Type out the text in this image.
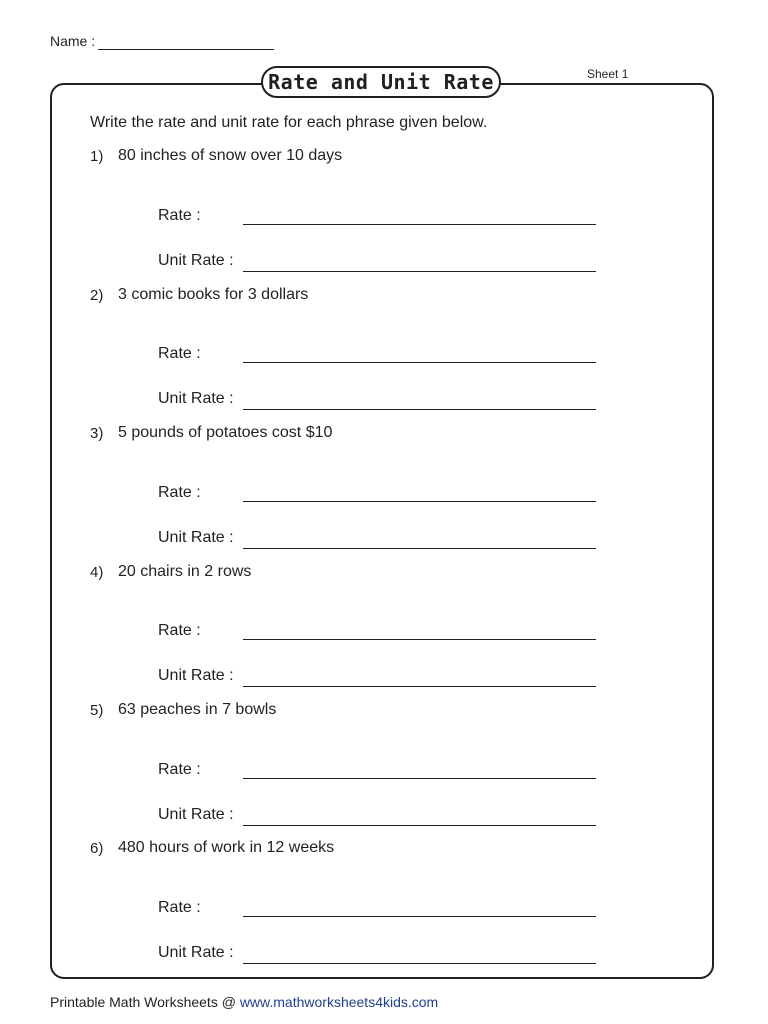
Name :
Sheet 1
Rate and Unit Rate
Write the rate and unit rate for each phrase given below.
1) 80 inches of snow over 10 days
Rate :
Unit Rate :
2) 3 comic books for 3 dollars
Rate :
Unit Rate :
3) 5 pounds of potatoes cost $10
Rate :
Unit Rate :
4) 20 chairs in 2 rows
Rate :
Unit Rate :
5) 63 peaches in 7 bowls
Rate :
Unit Rate :
6) 480 hours of work in 12 weeks
Rate :
Unit Rate :
Printable Math Worksheets @ www.mathworksheets4kids.com
